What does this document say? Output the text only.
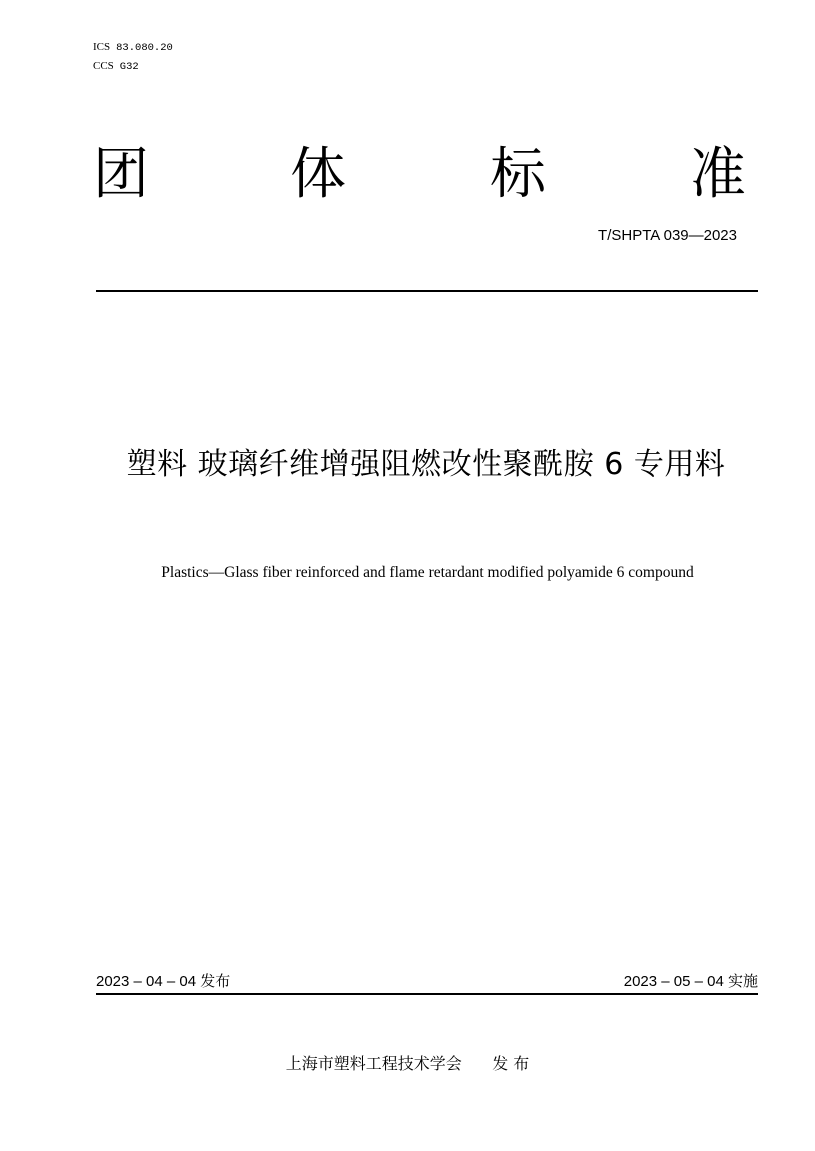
ICS 83.080.20
CCS G32
团	体	标	准
T/SHPTA 039—2023
塑料 玻璃纤维增强阻燃改性聚酰胺 6 专用料
Plastics—Glass fiber reinforced and flame retardant modified polyamide 6 compound
2023 – 04 – 04 发布	2023 – 05 – 04 实施
上海市塑料工程技术学会 发 布
